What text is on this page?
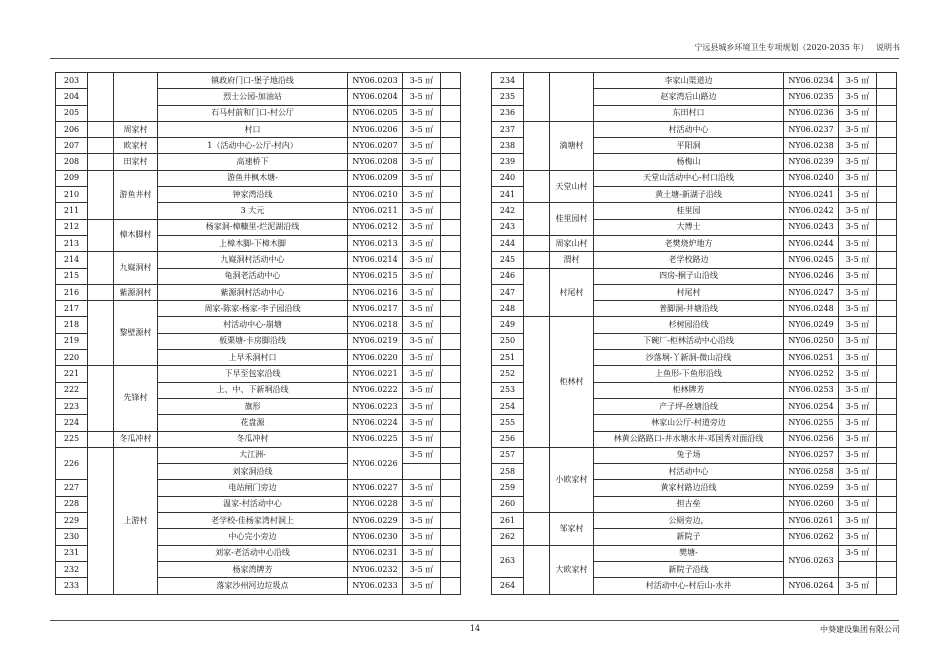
宁远县城乡环境卫生专项规划（2020-2035 年） 说明书
203			镇政府门口-堡子地沿线	NY06.0203	3-5 ㎡	
204			烈士公园-加油站	NY06.0204	3-5 ㎡	
205			石马村前和门口-村公厅	NY06.0205	3-5 ㎡	
206		周家村	村口	NY06.0206	3-5 ㎡	
207		欧家村	1（活动中心-公厅-村内）	NY06.0207	3-5 ㎡	
208		田家村	高速桥下	NY06.0208	3-5 ㎡	
209		游鱼井村	游鱼井枫木塘-	NY06.0209	3-5 ㎡	
210			钟家湾沿线	NY06.0210	3-5 ㎡	
211			3 大元	NY06.0211	3-5 ㎡	
212		樟木脚村	杨家洞-樟糠里-烂泥湖沿线	NY06.0212	3-5 ㎡	
213			上樟木脚-下樟木脚	NY06.0213	3-5 ㎡	
214		九嶷洞村	九嶷洞村活动中心	NY06.0214	3-5 ㎡	
215			龟洞老活动中心	NY06.0215	3-5 ㎡	
216		紫源洞村	紫源洞村活动中心	NY06.0216	3-5 ㎡	
217		黎壁源村	周家-陈家-杨家-李子园沿线	NY06.0217	3-5 ㎡	
218			村活动中心-崩塘	NY06.0218	3-5 ㎡	
219			板栗塘-卡房脚沿线	NY06.0219	3-5 ㎡	
220			上早禾洞村口	NY06.0220	3-5 ㎡	
221		先锋村	下早至包家沿线	NY06.0221	3-5 ㎡	
222			上、中、下新垌沿线	NY06.0222	3-5 ㎡	
223			旗形	NY06.0223	3-5 ㎡	
224			花盘源	NY06.0224	3-5 ㎡	
225		冬瓜冲村	冬瓜冲村	NY06.0225	3-5 ㎡	
226		上游村	大江洲-	NY06.0226	3-5 ㎡	
			刘家洞沿线			
227			电站闸门旁边	NY06.0227	3-5 ㎡	
228			温家-村活动中心	NY06.0228	3-5 ㎡	
229			老学校-佳杨家湾村洞上	NY06.0229	3-5 ㎡	
230			中心完小旁边	NY06.0230	3-5 ㎡	
231			刘家-老活动中心沿线	NY06.0231	3-5 ㎡	
232			杨家湾牌芳	NY06.0232	3-5 ㎡	
233			落家沙州河边垃圾点	NY06.0233	3-5 ㎡	
234			李家山渠道边	NY06.0234	3-5 ㎡	
235			赵家湾后山路边	NY06.0235	3-5 ㎡	
236			东田村口	NY06.0236	3-5 ㎡	
237		滴塘村	村活动中心	NY06.0237	3-5 ㎡	
238			平阳洞	NY06.0238	3-5 ㎡	
239			杨梅山	NY06.0239	3-5 ㎡	
240		天堂山村	天堂山活动中心-村口沿线	NY06.0240	3-5 ㎡	
241			黄土塘-新湖子沿线	NY06.0241	3-5 ㎡	
242		桂里园村	桂里园	NY06.0242	3-5 ㎡	
243			大博士	NY06.0243	3-5 ㎡	
244		周家山村	老樊烧炉地方	NY06.0244	3-5 ㎡	
245		渭村	老学校路边	NY06.0245	3-5 ㎡	
246		村尾村	四房-桐子山沿线	NY06.0246	3-5 ㎡	
247			村尾村	NY06.0247	3-5 ㎡	
248			普脚洞-井塘沿线	NY06.0248	3-5 ㎡	
249		柜林村	杉树园沿线	NY06.0249	3-5 ㎡	
250			下碗厂-柜林活动中心沿线	NY06.0250	3-5 ㎡	
251			沙落垌-丫新洞-微山沿线	NY06.0251	3-5 ㎡	
252			上鱼形-下鱼形沿线	NY06.0252	3-5 ㎡	
253			柜林牌芳	NY06.0253	3-5 ㎡	
254			产子坪-丝塘沿线	NY06.0254	3-5 ㎡	
255			林家山公厅-村道旁边	NY06.0255	3-5 ㎡	
256			林黄公路路口-井水塘水井-邓国秀对面沿线	NY06.0256	3-5 ㎡	
257		小欧家村	兔子场	NY06.0257	3-5 ㎡	
258			村活动中心	NY06.0258	3-5 ㎡	
259			黄家村路边沿线	NY06.0259	3-5 ㎡	
260			担古垒	NY06.0260	3-5 ㎡	
261		邹家村	公厕旁边，	NY06.0261	3-5 ㎡	
262			新院子	NY06.0262	3-5 ㎡	
263		大欧家村	樊塘-	NY06.0263	3-5 ㎡	
			新院子沿线			
264			村活动中心-村后山-水井	NY06.0264	3-5 ㎡	
14	中葵建设集团有限公司
